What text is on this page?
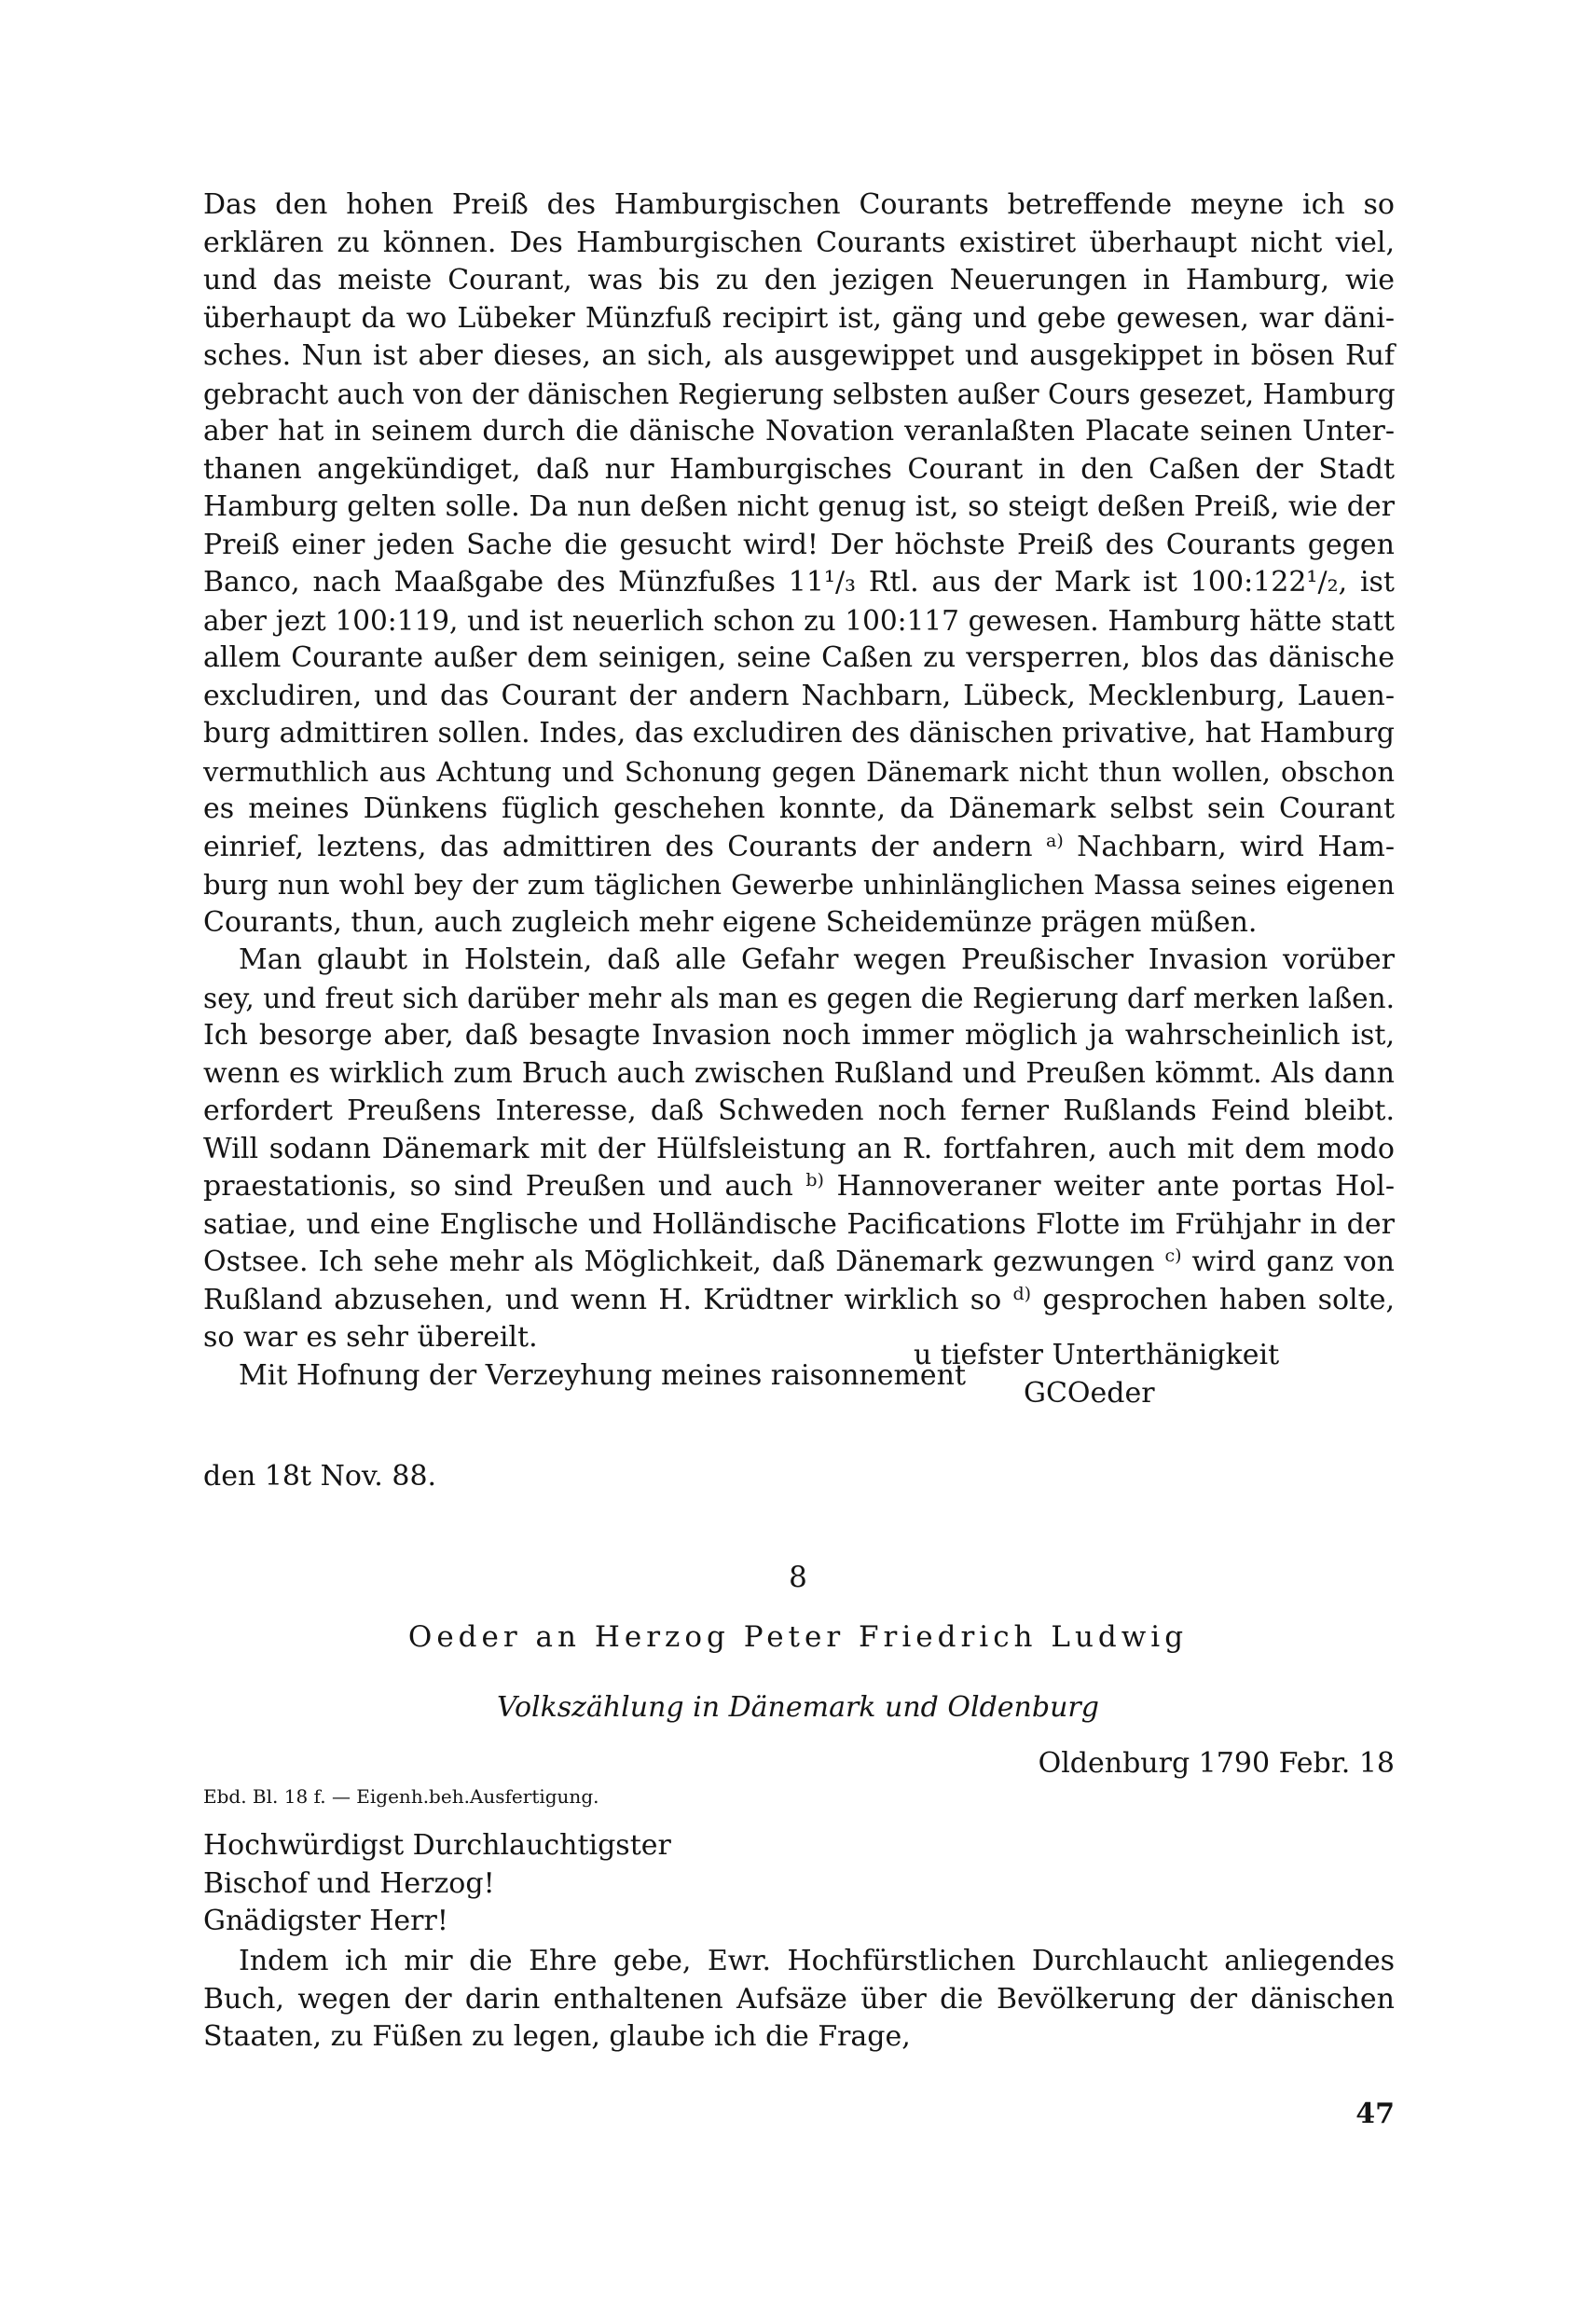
Das den hohen Preiß des Hamburgischen Courants betreffende meyne ich so
erklären zu können. Des Hamburgischen Courants existiret überhaupt nicht viel,
und das meiste Courant, was bis zu den jezigen Neuerungen in Hamburg, wie
überhaupt da wo Lübeker Münzfuß recipirt ist, gäng und gebe gewesen, war däni-
sches. Nun ist aber dieses, an sich, als ausgewippet und ausgekippet in bösen Ruf
gebracht auch von der dänischen Regierung selbsten außer Cours gesezet, Hamburg
aber hat in seinem durch die dänische Novation veranlaßten Placate seinen Unter-
thanen angekündiget, daß nur Hamburgisches Courant in den Caßen der Stadt
Hamburg gelten solle. Da nun deßen nicht genug ist, so steigt deßen Preiß, wie der
Preiß einer jeden Sache die gesucht wird! Der höchste Preiß des Courants gegen
Banco, nach Maaßgabe des Münzfußes 11¹/₃ Rtl. aus der Mark ist 100:122¹/₂, ist
aber jezt 100:119, und ist neuerlich schon zu 100:117 gewesen. Hamburg hätte statt
allem Courante außer dem seinigen, seine Caßen zu versperren, blos das dänische
excludiren, und das Courant der andern Nachbarn, Lübeck, Mecklenburg, Lauen-
burg admittiren sollen. Indes, das excludiren des dänischen privative, hat Hamburg
vermuthlich aus Achtung und Schonung gegen Dänemark nicht thun wollen, obschon
es meines Dünkens füglich geschehen konnte, da Dänemark selbst sein Courant
einrief, leztens, das admittiren des Courants der andern $^{a)}$ Nachbarn, wird Ham-
burg nun wohl bey der zum täglichen Gewerbe unhinlänglichen Massa seines eigenen
Courants, thun, auch zugleich mehr eigene Scheidemünze prägen müßen.
Man glaubt in Holstein, daß alle Gefahr wegen Preußischer Invasion vorüber
sey, und freut sich darüber mehr als man es gegen die Regierung darf merken laßen.
Ich besorge aber, daß besagte Invasion noch immer möglich ja wahrscheinlich ist,
wenn es wirklich zum Bruch auch zwischen Rußland und Preußen kömmt. Als dann
erfordert Preußens Interesse, daß Schweden noch ferner Rußlands Feind bleibt.
Will sodann Dänemark mit der Hülfsleistung an R. fortfahren, auch mit dem modo
praestationis, so sind Preußen und auch $^{b)}$ Hannoveraner weiter ante portas Hol-
satiae, und eine Englische und Holländische Pacifications Flotte im Frühjahr in der
Ostsee. Ich sehe mehr als Möglichkeit, daß Dänemark gezwungen $^{c)}$ wird ganz von
Rußland abzusehen, und wenn H. Krüdtner wirklich so $^{d)}$ gesprochen haben solte,
so war es sehr übereilt.
Mit Hofnung der Verzeyhung meines raisonnement
u tiefster Unterthänigkeit
GCOeder
den 18t Nov. 88.
8
Oeder an Herzog Peter Friedrich Ludwig
Volkszählung in Dänemark und Oldenburg
Oldenburg 1790 Febr. 18
Ebd. Bl. 18 f. — Eigenh.beh.Ausfertigung.
Hochwürdigst Durchlauchtigster
Bischof und Herzog!
Gnädigster Herr!
Indem ich mir die Ehre gebe, Ewr. Hochfürstlichen Durchlaucht anliegendes
Buch, wegen der darin enthaltenen Aufsäze über die Bevölkerung der dänischen
Staaten, zu Füßen zu legen, glaube ich die Frage,
47
